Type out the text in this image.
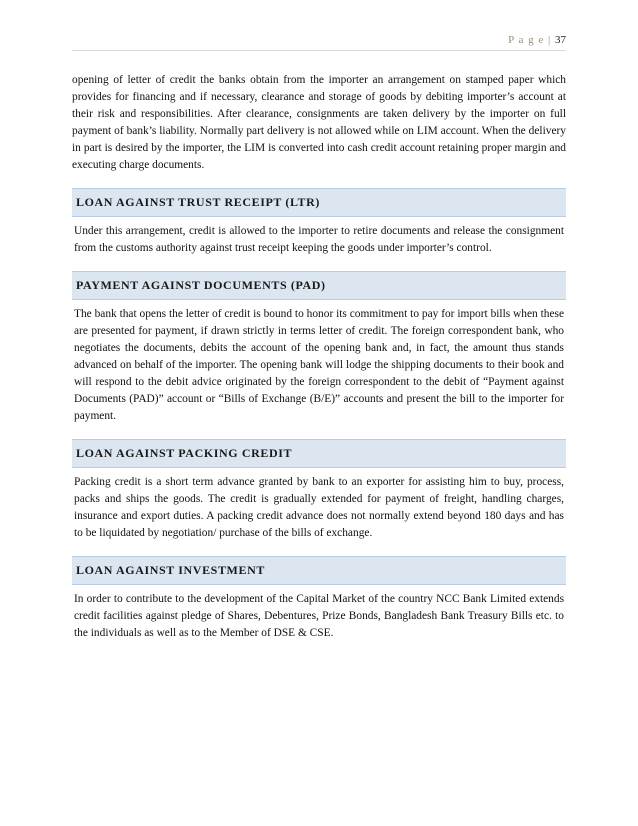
P a g e | 37

opening of letter of credit the banks obtain from the importer an arrangement on stamped paper which provides for financing and if necessary, clearance and storage of goods by debiting importer’s account at their risk and responsibilities. After clearance, consignments are taken delivery by the importer on full payment of bank’s liability. Normally part delivery is not allowed while on LIM account. When the delivery in part is desired by the importer, the LIM is converted into cash credit account retaining proper margin and executing charge documents.

LOAN AGAINST TRUST RECEIPT (LTR)

Under this arrangement, credit is allowed to the importer to retire documents and release the consignment from the customs authority against trust receipt keeping the goods under importer’s control.

PAYMENT AGAINST DOCUMENTS (PAD)

The bank that opens the letter of credit is bound to honor its commitment to pay for import bills when these are presented for payment, if drawn strictly in terms letter of credit. The foreign correspondent bank, who negotiates the documents, debits the account of the opening bank and, in fact, the amount thus stands advanced on behalf of the importer. The opening bank will lodge the shipping documents to their book and will respond to the debit advice originated by the foreign correspondent to the debit of “Payment against Documents (PAD)” account or “Bills of Exchange (B/E)” accounts and present the bill to the importer for payment.

LOAN AGAINST PACKING CREDIT

Packing credit is a short term advance granted by bank to an exporter for assisting him to buy, process, packs and ships the goods. The credit is gradually extended for payment of freight, handling charges, insurance and export duties. A packing credit advance does not normally extend beyond 180 days and has to be liquidated by negotiation/ purchase of the bills of exchange.

LOAN AGAINST INVESTMENT

In order to contribute to the development of the Capital Market of the country NCC Bank Limited extends credit facilities against pledge of Shares, Debentures, Prize Bonds, Bangladesh Bank Treasury Bills etc. to the individuals as well as to the Member of DSE & CSE.
